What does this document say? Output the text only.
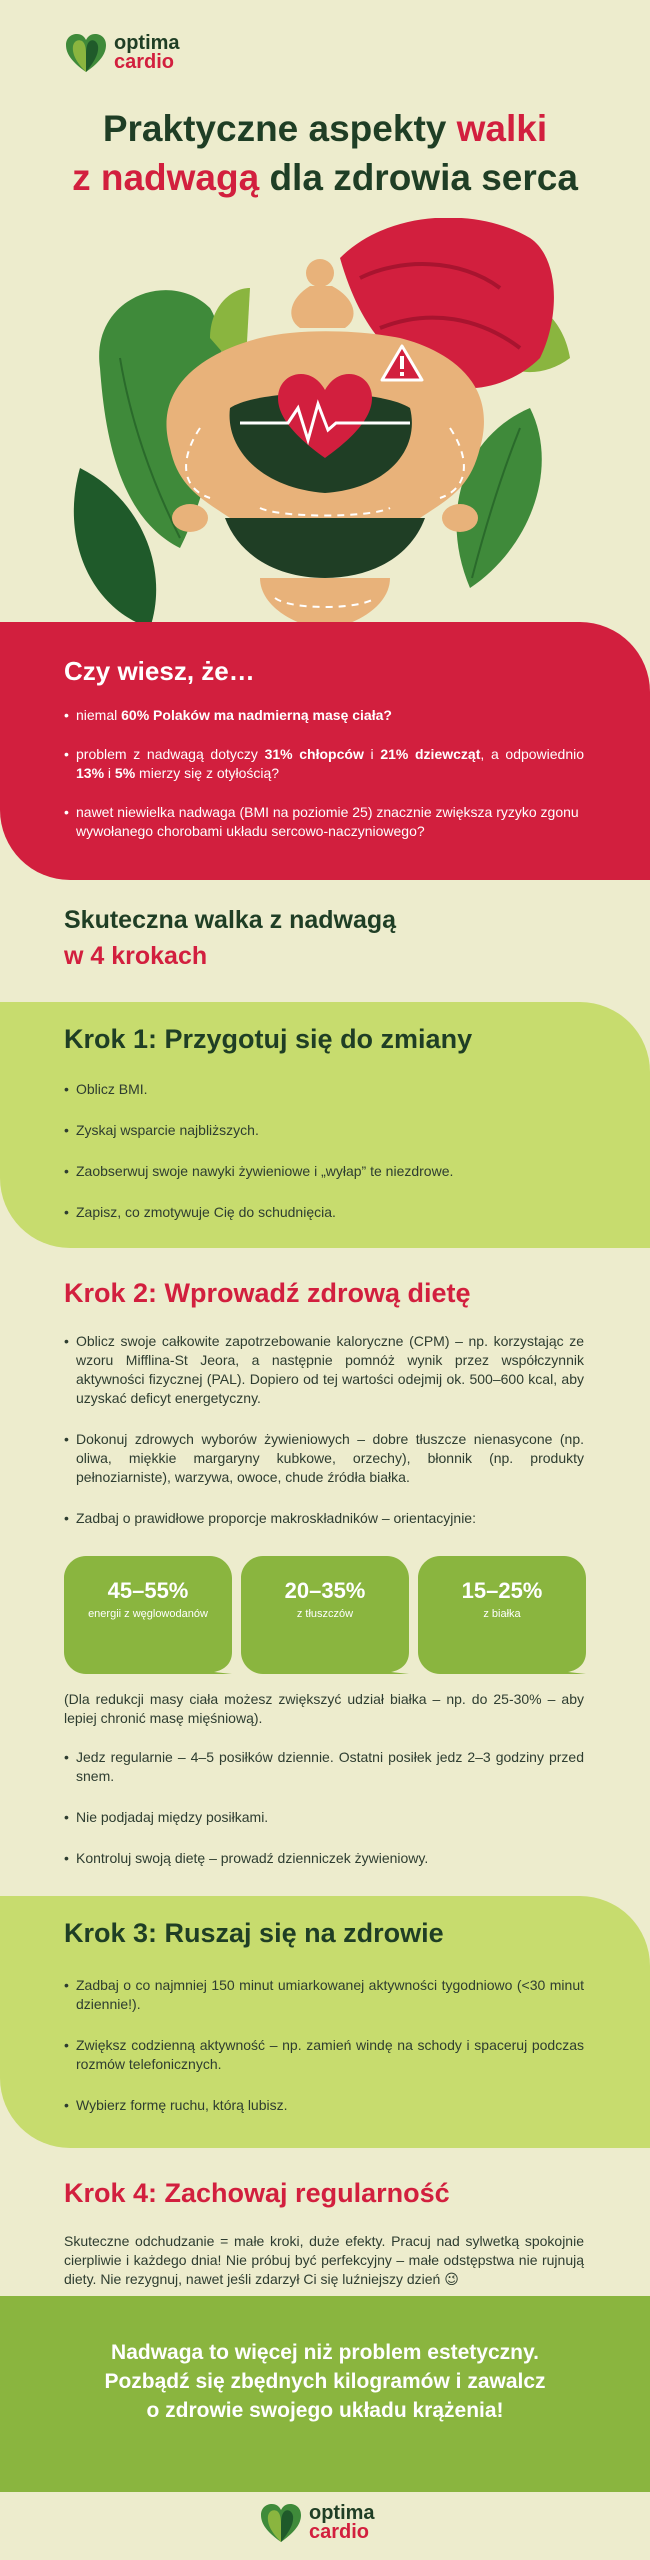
optima
cardio
Praktyczne aspekty walki
z nadwagą dla zdrowia serca
Czy wiesz, że…
• niemal 60% Polaków ma nadmierną masę ciała?
• problem z nadwagą dotyczy 31% chłopców i 21% dziewcząt, a odpowiednio 13% i 5% mierzy się z otyłością?
• nawet niewielka nadwaga (BMI na poziomie 25) znacznie zwiększa ryzyko zgonu wywołanego chorobami układu sercowo-naczyniowego?
Skuteczna walka z nadwagą
w 4 krokach
Krok 1: Przygotuj się do zmiany
• Oblicz BMI.
• Zyskaj wsparcie najbliższych.
• Zaobserwuj swoje nawyki żywieniowe i „wyłap” te niezdrowe.
• Zapisz, co zmotywuje Cię do schudnięcia.
Krok 2: Wprowadź zdrową dietę
• Oblicz swoje całkowite zapotrzebowanie kaloryczne (CPM) – np. korzystając ze wzoru Mifflina-St Jeora, a następnie pomnóż wynik przez współczynnik aktywności fizycznej (PAL). Dopiero od tej wartości odejmij ok. 500–600 kcal, aby uzyskać deficyt energetyczny.
• Dokonuj zdrowych wyborów żywieniowych – dobre tłuszcze nienasycone (np. oliwa, miękkie margaryny kubkowe, orzechy), błonnik (np. produkty pełnoziarniste), warzywa, owoce, chude źródła białka.
• Zadbaj o prawidłowe proporcje makroskładników – orientacyjnie:
45–55%
energii z węglowodanów
20–35%
z tłuszczów
15–25%
z białka

(Dla redukcji masy ciała możesz zwiększyć udział białka – np. do 25-30% – aby lepiej chronić masę mięśniową).

• Jedz regularnie – 4–5 posiłków dziennie. Ostatni posiłek jedz 2–3 godziny przed snem.
• Nie podjadaj między posiłkami.
• Kontroluj swoją dietę – prowadź dzienniczek żywieniowy.
Krok 3: Ruszaj się na zdrowie
• Zadbaj o co najmniej 150 minut umiarkowanej aktywności tygodniowo (<30 minut dziennie!).
• Zwiększ codzienną aktywność – np. zamień windę na schody i spaceruj podczas rozmów telefonicznych.
• Wybierz formę ruchu, którą lubisz.
Krok 4: Zachowaj regularność

Skuteczne odchudzanie = małe kroki, duże efekty. Pracuj nad sylwetką spokojnie cierpliwie i każdego dnia! Nie próbuj być perfekcyjny – małe odstępstwa nie rujnują diety. Nie rezygnuj, nawet jeśli zdarzył Ci się luźniejszy dzień 😉

Nadwaga to więcej niż problem estetyczny.
Pozbądź się zbędnych kilogramów i zawalcz
o zdrowie swojego układu krążenia!

optima
cardio
